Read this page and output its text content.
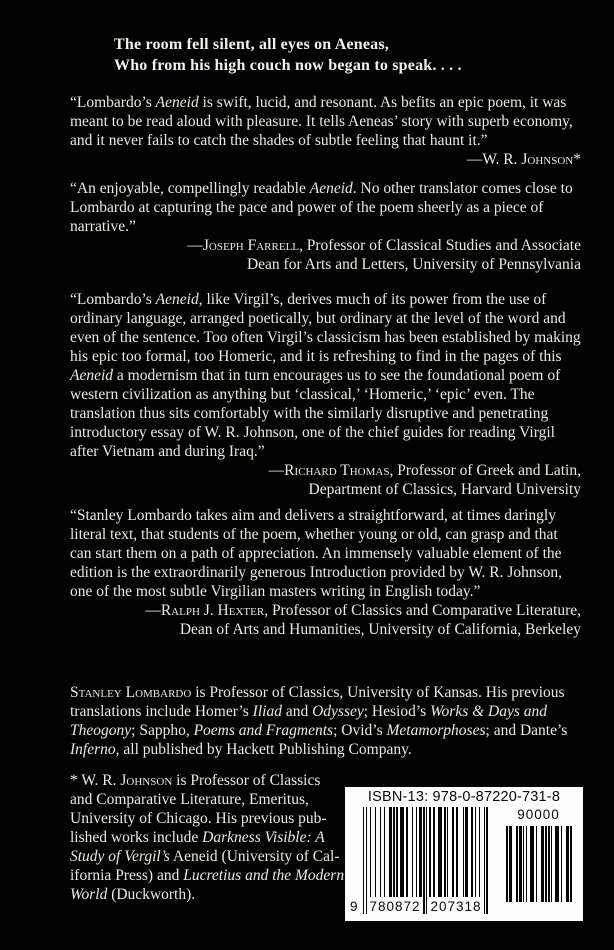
The room fell silent, all eyes on Aeneas,
Who from his high couch now began to speak. . . .

“Lombardo’s Aeneid is swift, lucid, and resonant. As befits an epic poem, it was meant to be read aloud with pleasure. It tells Aeneas’ story with superb economy, and it never fails to catch the shades of subtle feeling that haunt it.”

—W. R. Johnson*

“An enjoyable, compellingly readable Aeneid. No other translator comes close to Lombardo at capturing the pace and power of the poem sheerly as a piece of narrative.”

—Joseph Farrell, Professor of Classical Studies and Associate

Dean for Arts and Letters, University of Pennsylvania

“Lombardo’s Aeneid, like Virgil’s, derives much of its power from the use of ordinary language, arranged poetically, but ordinary at the level of the word and even of the sentence. Too often Virgil’s classicism has been established by making his epic too formal, too Homeric, and it is refreshing to find in the pages of this Aeneid a modernism that in turn encourages us to see the foundational poem of western civilization as anything but ‘classical,’ ‘Homeric,’ ‘epic’ even. The translation thus sits comfortably with the similarly disruptive and penetrating introductory essay of W. R. Johnson, one of the chief guides for reading Virgil after Vietnam and during Iraq.”

—Richard Thomas, Professor of Greek and Latin,

Department of Classics, Harvard University

“Stanley Lombardo takes aim and delivers a straightforward, at times daringly literal text, that students of the poem, whether young or old, can grasp and that can start them on a path of appreciation. An immensely valuable element of the edition is the extraordinarily generous Introduction provided by W. R. Johnson, one of the most subtle Virgilian masters writing in English today.”

—Ralph J. Hexter, Professor of Classics and Comparative Literature,

Dean of Arts and Humanities, University of California, Berkeley

Stanley Lombardo is Professor of Classics, University of Kansas. His previous translations include Homer’s Iliad and Odyssey; Hesiod’s Works & Days and Theogony; Sappho, Poems and Fragments; Ovid’s Metamorphoses; and Dante’s Inferno, all published by Hackett Publishing Company.

* W. R. Johnson is Professor of Classics
and Comparative Literature, Emeritus,
University of Chicago. His previous pub-
lished works include Darkness Visible: A
Study of Vergil’s Aeneid (University of Cal-
ifornia Press) and Lucretius and the Modern
World (Duckworth).
ISBN-13: 978-0-87220-731-8
9 780872 207318
90000
